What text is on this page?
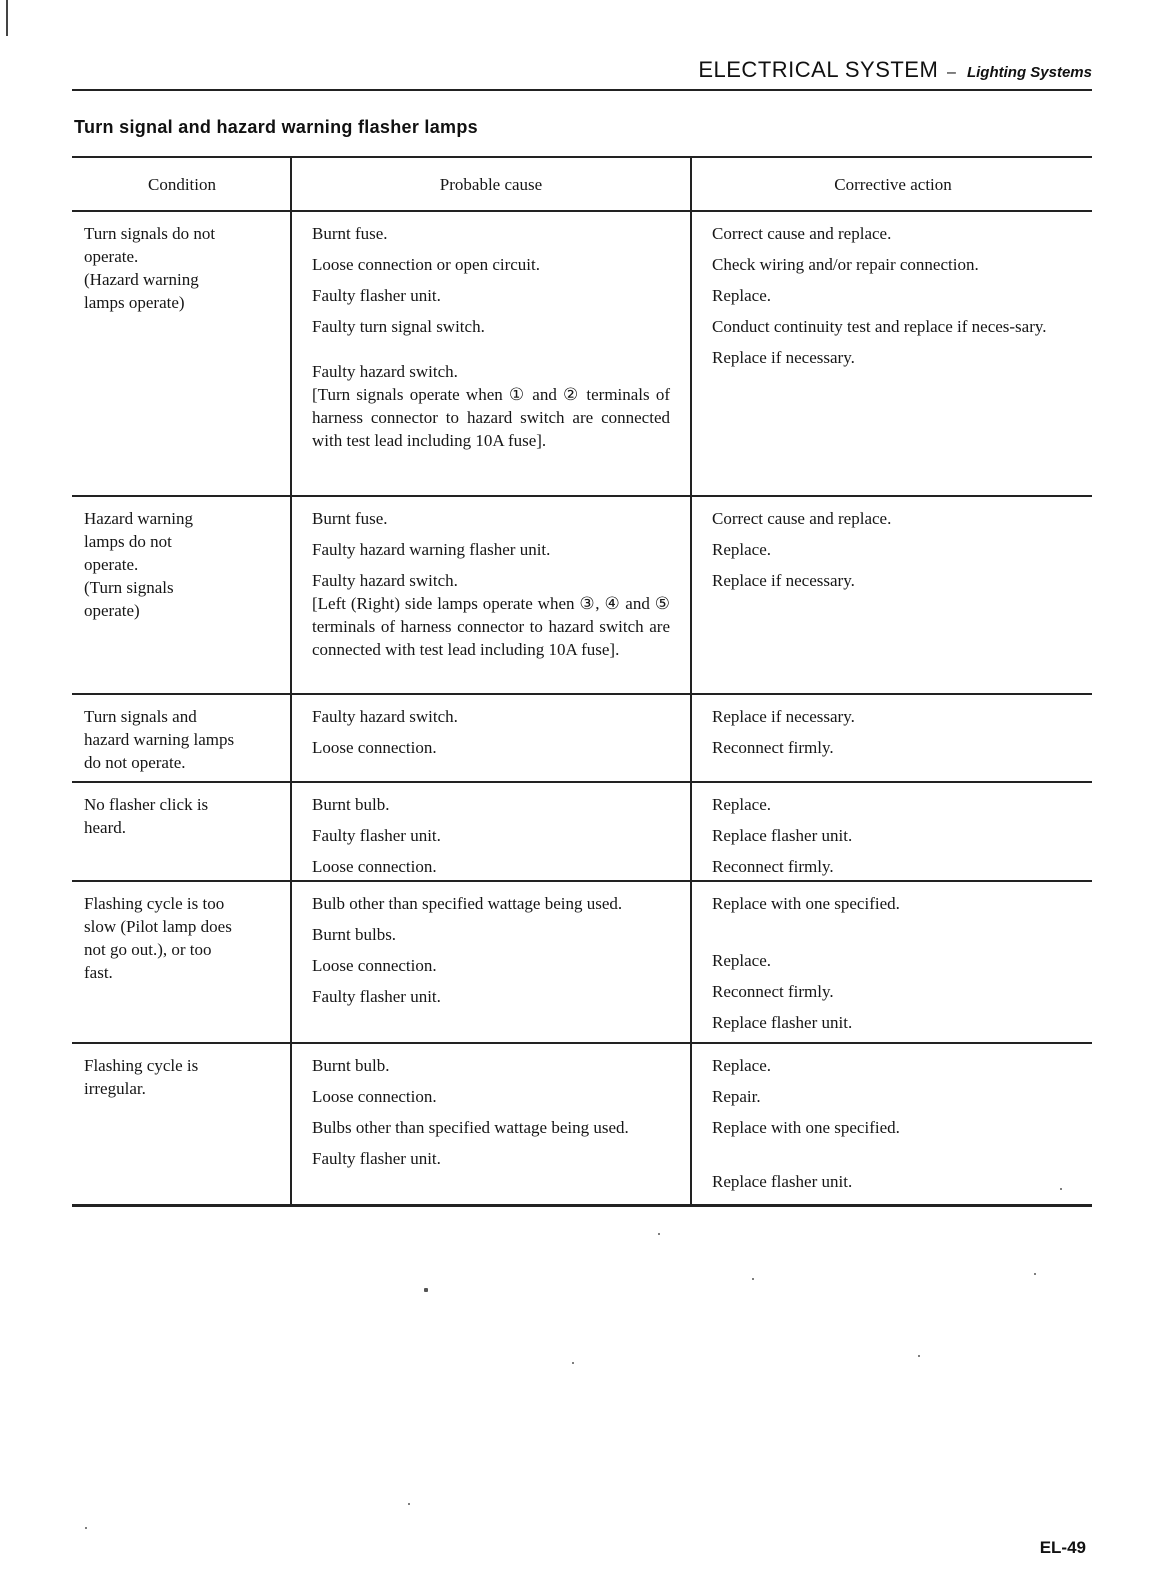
ELECTRICAL SYSTEM – Lighting Systems
Turn signal and hazard warning flasher lamps
Condition	Probable cause	Corrective action
Turn signals do not
operate.
(Hazard warning
lamps operate)
Burnt fuse.
Loose connection or open circuit.
Faulty flasher unit.
Faulty turn signal switch.
Faulty hazard switch.
[Turn signals operate when ① and ② terminals of harness connector to hazard switch are connected with test lead including 10A fuse].
Correct cause and replace.
Check wiring and/or repair connection.
Replace.
Conduct continuity test and replace if neces-sary.
Replace if necessary.
Hazard warning
lamps do not
operate.
(Turn signals
operate)
Burnt fuse.
Faulty hazard warning flasher unit.
Faulty hazard switch.
[Left (Right) side lamps operate when ③, ④ and ⑤ terminals of harness connector to hazard switch are connected with test lead including 10A fuse].
Correct cause and replace.
Replace.
Replace if necessary.
Turn signals and
hazard warning lamps
do not operate.
Faulty hazard switch.
Loose connection.
Replace if necessary.
Reconnect firmly.
No flasher click is
heard.
Burnt bulb.
Faulty flasher unit.
Loose connection.
Replace.
Replace flasher unit.
Reconnect firmly.
Flashing cycle is too
slow (Pilot lamp does
not go out.), or too
fast.
Bulb other than specified wattage being used.
Burnt bulbs.
Loose connection.
Faulty flasher unit.
Replace with one specified.
Replace.
Reconnect firmly.
Replace flasher unit.
Flashing cycle is
irregular.
Burnt bulb.
Loose connection.
Bulbs other than specified wattage being used.
Faulty flasher unit.
Replace.
Repair.
Replace with one specified.
Replace flasher unit.
EL-49
